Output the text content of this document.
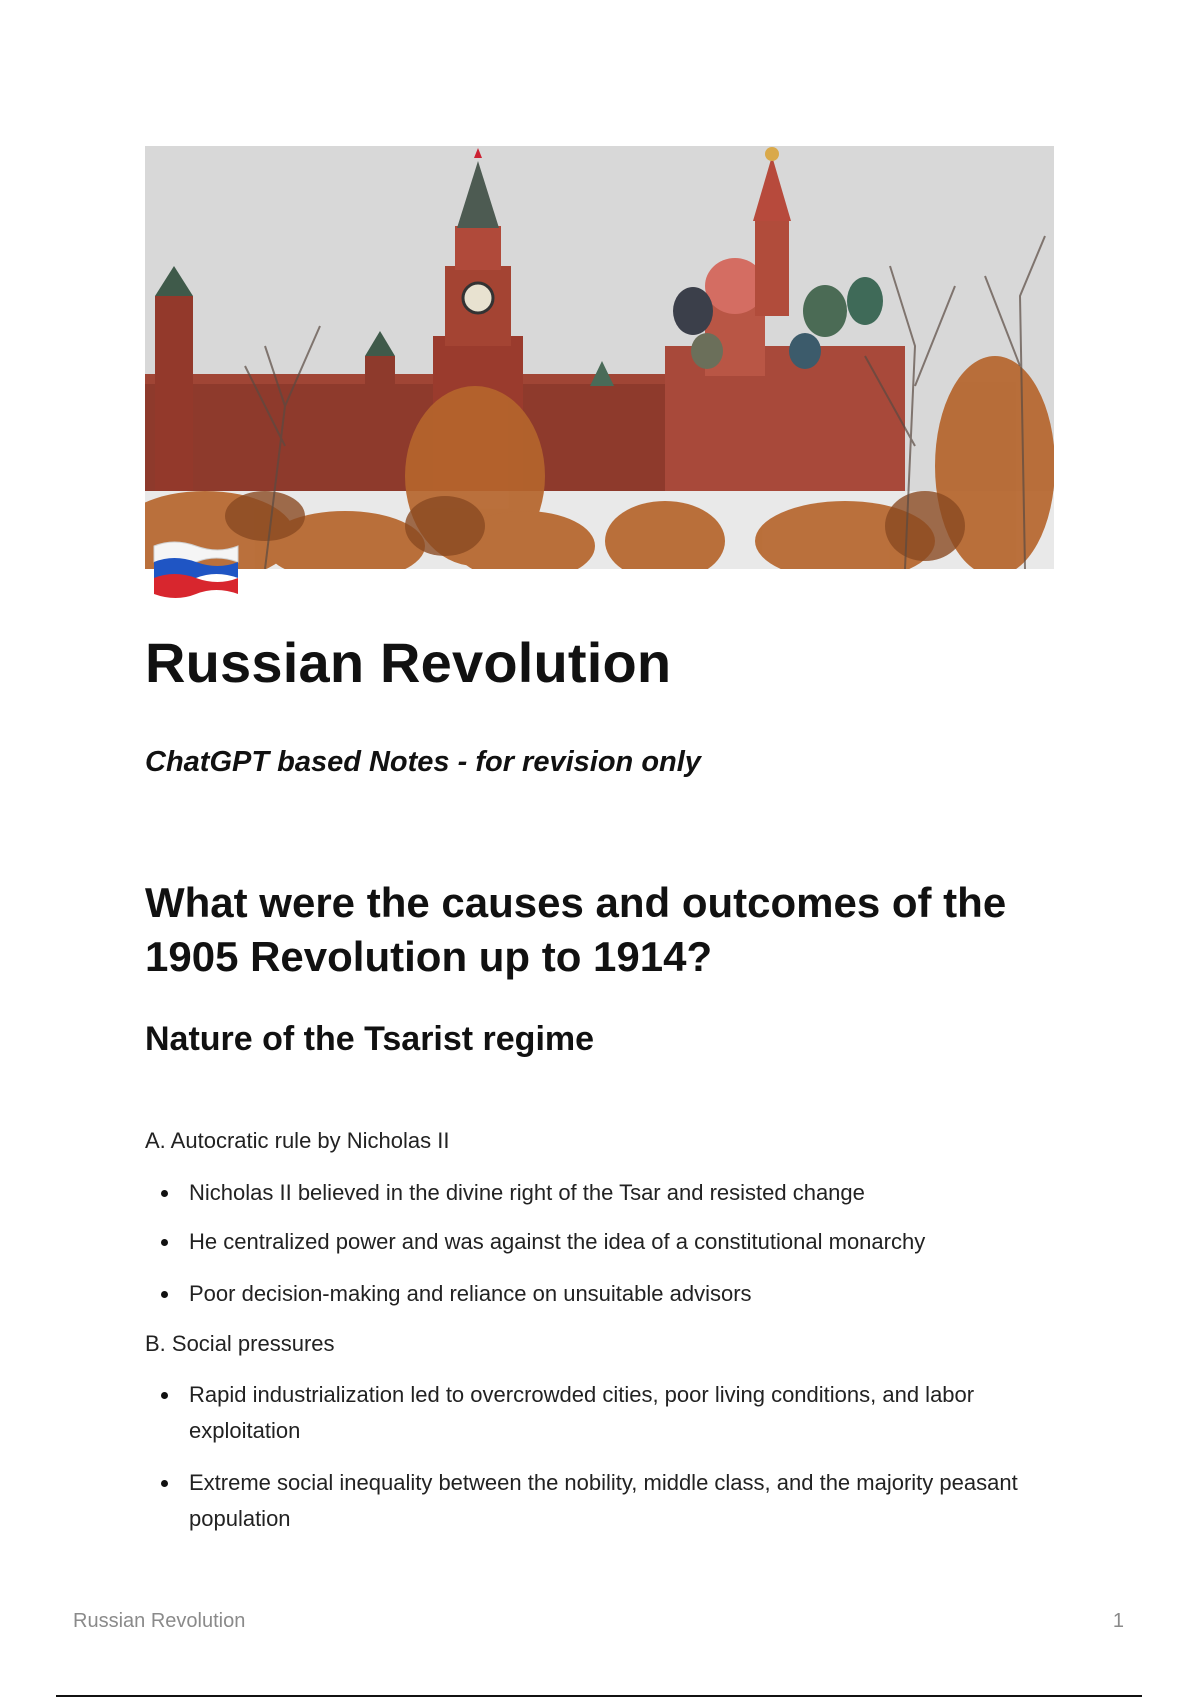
Russian Revolution

ChatGPT based Notes - for revision only

What were the causes and outcomes of the 1905 Revolution up to 1914?
Nature of the Tsarist regime

A. Autocratic rule by Nicholas II

Nicholas II believed in the divine right of the Tsar and resisted change
He centralized power and was against the idea of a constitutional monarchy
Poor decision-making and reliance on unsuitable advisors

B. Social pressures

Rapid industrialization led to overcrowded cities, poor living conditions, and labor exploitation
Extreme social inequality between the nobility, middle class, and the majority peasant population

Russian Revolution	1
